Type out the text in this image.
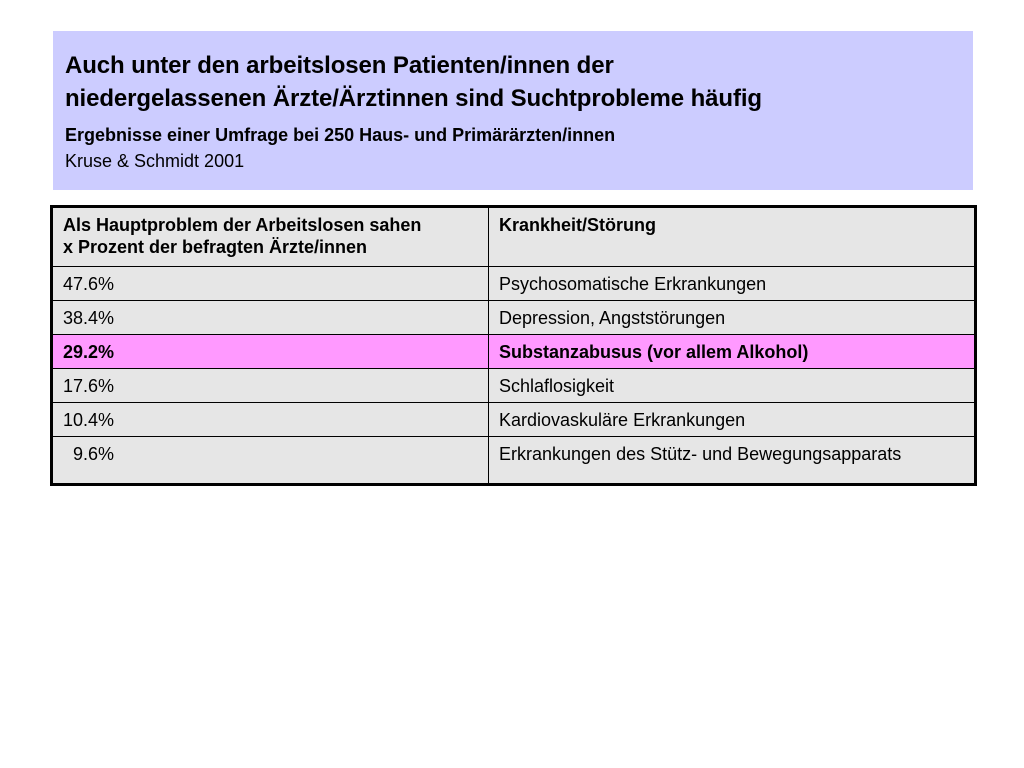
Auch unter den arbeitslosen Patienten/innen der
niedergelassenen Ärzte/Ärztinnen sind Suchtprobleme häufig

Ergebnisse einer Umfrage bei 250 Haus- und Primärärzten/innen

Kruse & Schmidt 2001

Als Hauptproblem der Arbeitslosen sahen
x Prozent der befragten Ärzte/innen	Krankheit/Störung
47.6%	Psychosomatische Erkrankungen
38.4%	Depression, Angststörungen
29.2%	Substanzabusus (vor allem Alkohol)
17.6%	Schlaflosigkeit
10.4%	Kardiovaskuläre Erkrankungen
9.6%	Erkrankungen des Stütz- und Bewegungsapparats
